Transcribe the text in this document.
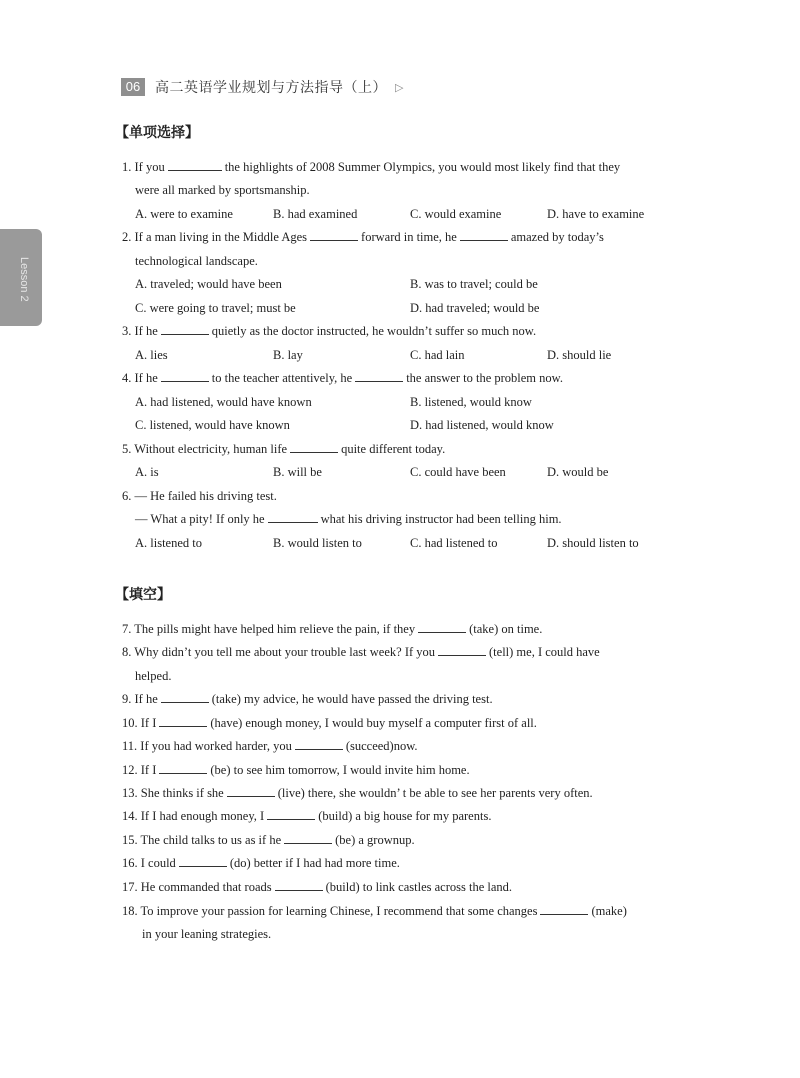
06	高二英语学业规划与方法指导（上） ▷
Lesson 2
【单项选择】
1. If you	the highlights of 2008 Summer Olympics, you would most likely find that they
were all marked by sportsmanship.
A. were to examine	B. had examined	C. would examine	D. have to examine
2. If a man living in the Middle Ages	forward in time, he	amazed by today’s
technological landscape.
A. traveled; would have been	B. was to travel; could be
C. were going to travel; must be	D. had traveled; would be
3. If he	quietly as the doctor instructed, he wouldn’t suffer so much now.
A. lies	B. lay	C. had lain	D. should lie
4. If he	to the teacher attentively, he	the answer to the problem now.
A. had listened, would have known	B. listened, would know
C. listened, would have known	D. had listened, would know
5. Without electricity, human life	quite different today.
A. is	B. will be	C. could have been	D. would be
6. — He failed his driving test.
— What a pity! If only he	what his driving instructor had been telling him.
A. listened to	B. would listen to	C. had listened to	D. should listen to
【填空】
7. The pills might have helped him relieve the pain, if they	(take) on time.
8. Why didn’t you tell me about your trouble last week? If you	(tell) me, I could have
helped.
9. If he	(take) my advice, he would have passed the driving test.
10. If I	(have) enough money, I would buy myself a computer first of all.
11. If you had worked harder, you	(succeed)now.
12. If I	(be) to see him tomorrow, I would invite him home.
13. She thinks if she	(live) there, she wouldn’ t be able to see her parents very often.
14. If I had enough money, I	(build) a big house for my parents.
15. The child talks to us as if he	(be) a grownup.
16. I could	(do) better if I had had more time.
17. He commanded that roads	(build) to link castles across the land.
18. To improve your passion for learning Chinese, I recommend that some changes	(make)
in your leaning strategies.
